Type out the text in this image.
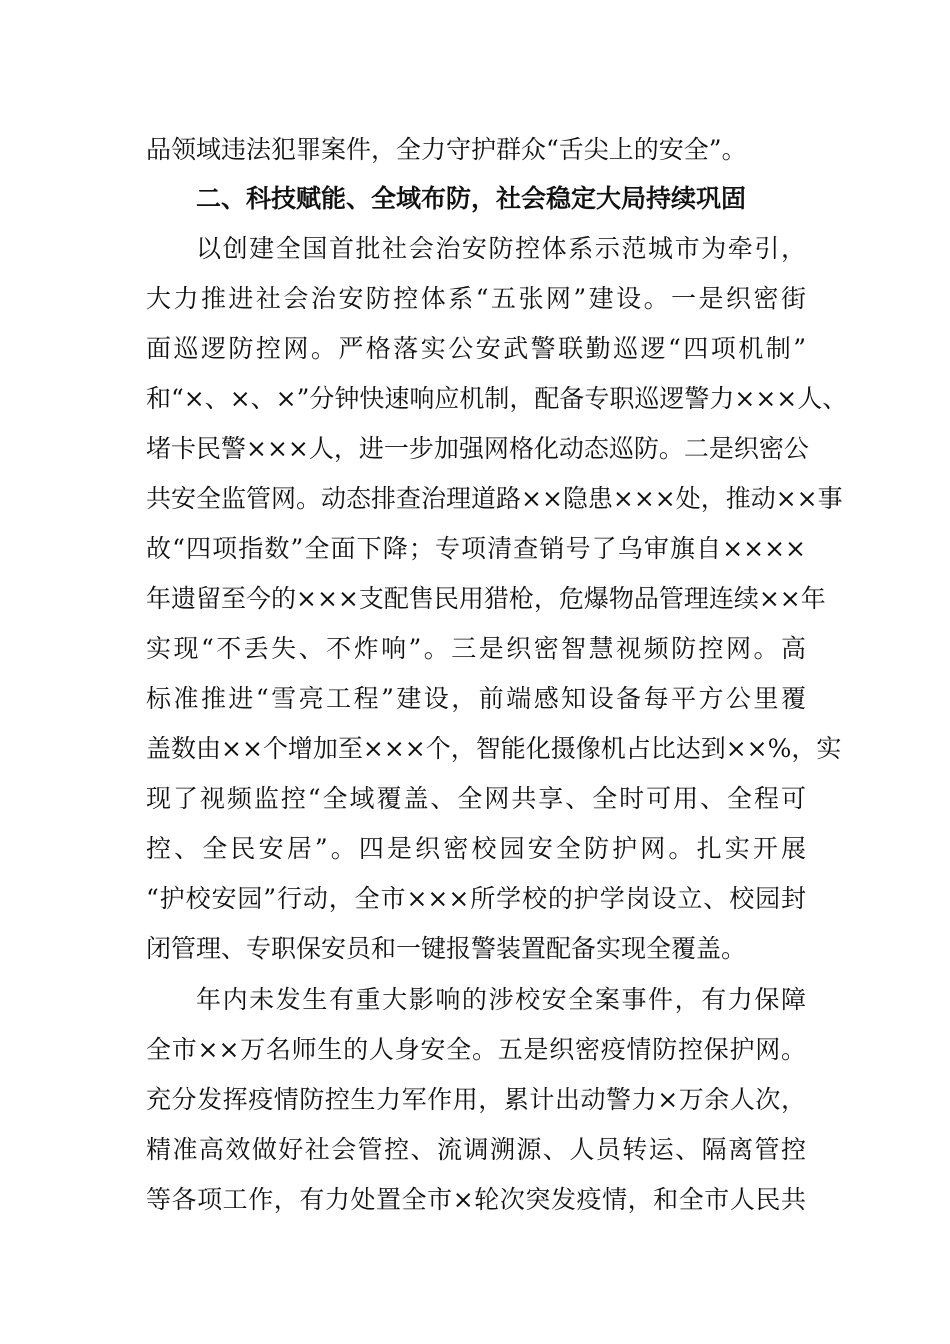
品领域违法犯罪案件，全力守护群众“舌尖上的安全”。
二、科技赋能、全域布防，社会稳定大局持续巩固
以创建全国首批社会治安防控体系示范城市为牵引，
大力推进社会治安防控体系“五张网”建设。一是织密街
面巡逻防控网。严格落实公安武警联勤巡逻“四项机制”
和“×、×、×”分钟快速响应机制，配备专职巡逻警力×××人、
堵卡民警×××人，进一步加强网格化动态巡防。二是织密公
共安全监管网。动态排查治理道路××隐患×××处，推动××事
故“四项指数”全面下降；专项清查销号了乌审旗自××××
年遗留至今的×××支配售民用猎枪，危爆物品管理连续××年
实现“不丢失、不炸响”。三是织密智慧视频防控网。高
标准推进“雪亮工程”建设，前端感知设备每平方公里覆
盖数由××个增加至×××个，智能化摄像机占比达到××%，实
现了视频监控“全域覆盖、全网共享、全时可用、全程可
控、全民安居”。四是织密校园安全防护网。扎实开展
“护校安园”行动，全市×××所学校的护学岗设立、校园封
闭管理、专职保安员和一键报警装置配备实现全覆盖。
年内未发生有重大影响的涉校安全案事件，有力保障
全市××万名师生的人身安全。五是织密疫情防控保护网。
充分发挥疫情防控生力军作用，累计出动警力×万余人次，
精准高效做好社会管控、流调溯源、人员转运、隔离管控
等各项工作，有力处置全市×轮次突发疫情，和全市人民共
